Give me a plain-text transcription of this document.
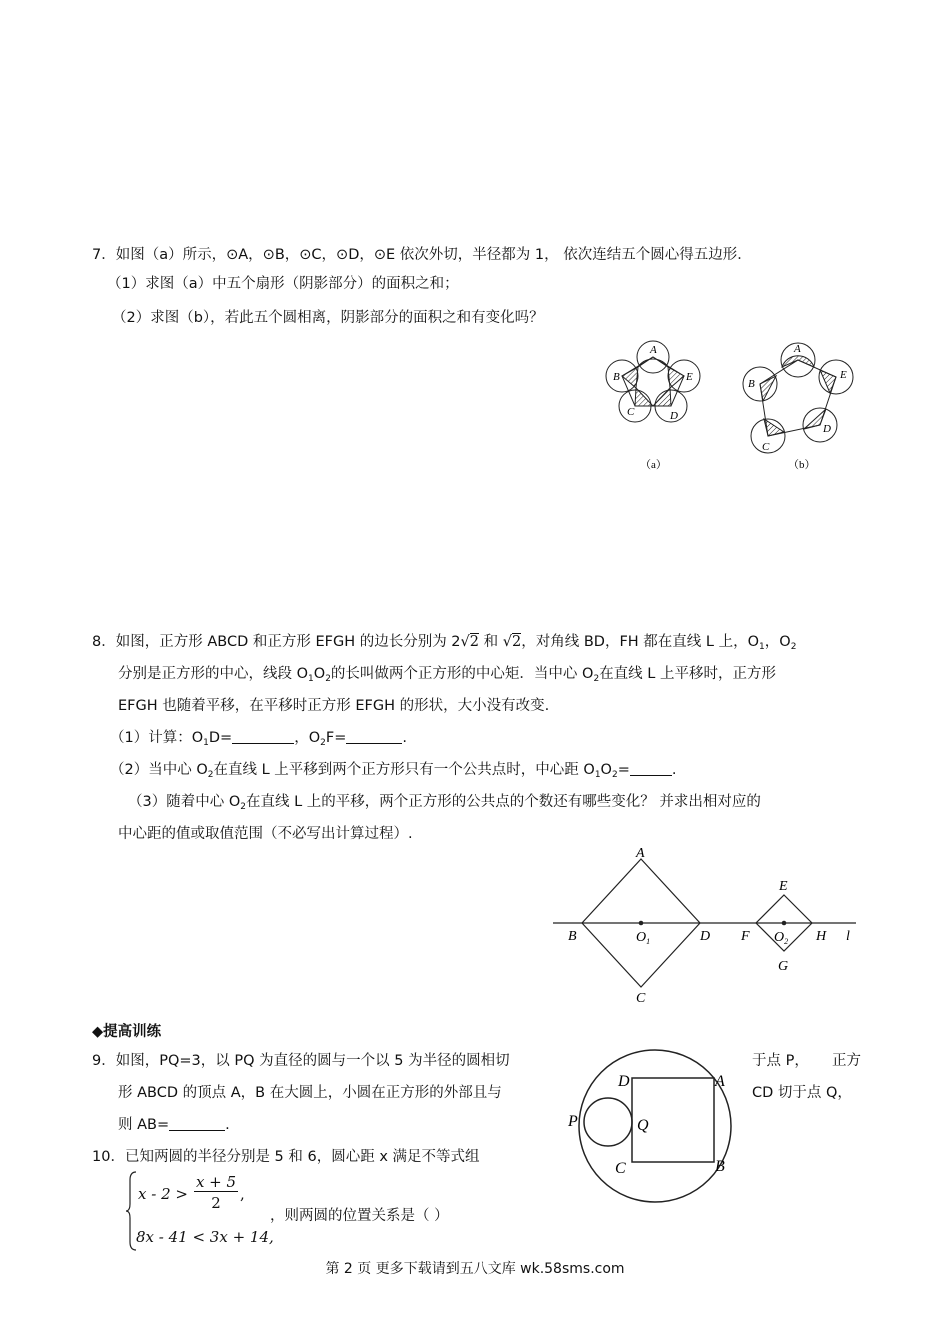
7．如图（a）所示，⊙A，⊙B，⊙C，⊙D，⊙E 依次外切，半径都为 1， 依次连结五个圆心得五边形．
（1）求图（a）中五个扇形（阴影部分）的面积之和；
（2）求图（b），若此五个圆相离，阴影部分的面积之和有变化吗？
A
B
C	D
E
（a）
A
B
C
D
E
（b）
8．如图，正方形 ABCD 和正方形 EFGH 的边长分别为 2√2 和 √2，对角线 BD，FH 都在直线 L 上，$O_1$，$O_2$
分别是正方形的中心，线段 $O_1O_2$的长叫做两个正方形的中心矩．当中心 $O_2$在直线 L 上平移时，正方形
EFGH 也随着平移，在平移时正方形 EFGH 的形状，大小没有改变.
（1）计算：$O_1D=$	，$O_2F=$	.
（2）当中心 $O_2$在直线 L 上平移到两个正方形只有一个公共点时，中心距 $O_1O_2=$	.
（3）随着中心 $O_2$在直线 L 上的平移，两个正方形的公共点的个数还有哪些变化？ 并求出相对应的
中心距的值或取值范围（不必写出计算过程）.
A
B	$O_1$	D
C
E
F $O_2$ H
G
l
◆提高训练
9．如图，PQ=3，以 PQ 为直径的圆与一个以 5 为半径的圆相切	于点 P， 正方
形 ABCD 的顶点 A，B 在大圆上，小圆在正方形的外部且与	CD 切于点 Q，
则 AB=	.
D	A
P	Q
C	B
10．已知两圆的半径分别是 5 和 6，圆心距 x 满足不等式组
x - 2 >
x + 5
2	,
8x - 41 < 3x + 14,
，则两圆的位置关系是（ ）
第 2 页 更多下载请到五八文库 wk.58sms.com
